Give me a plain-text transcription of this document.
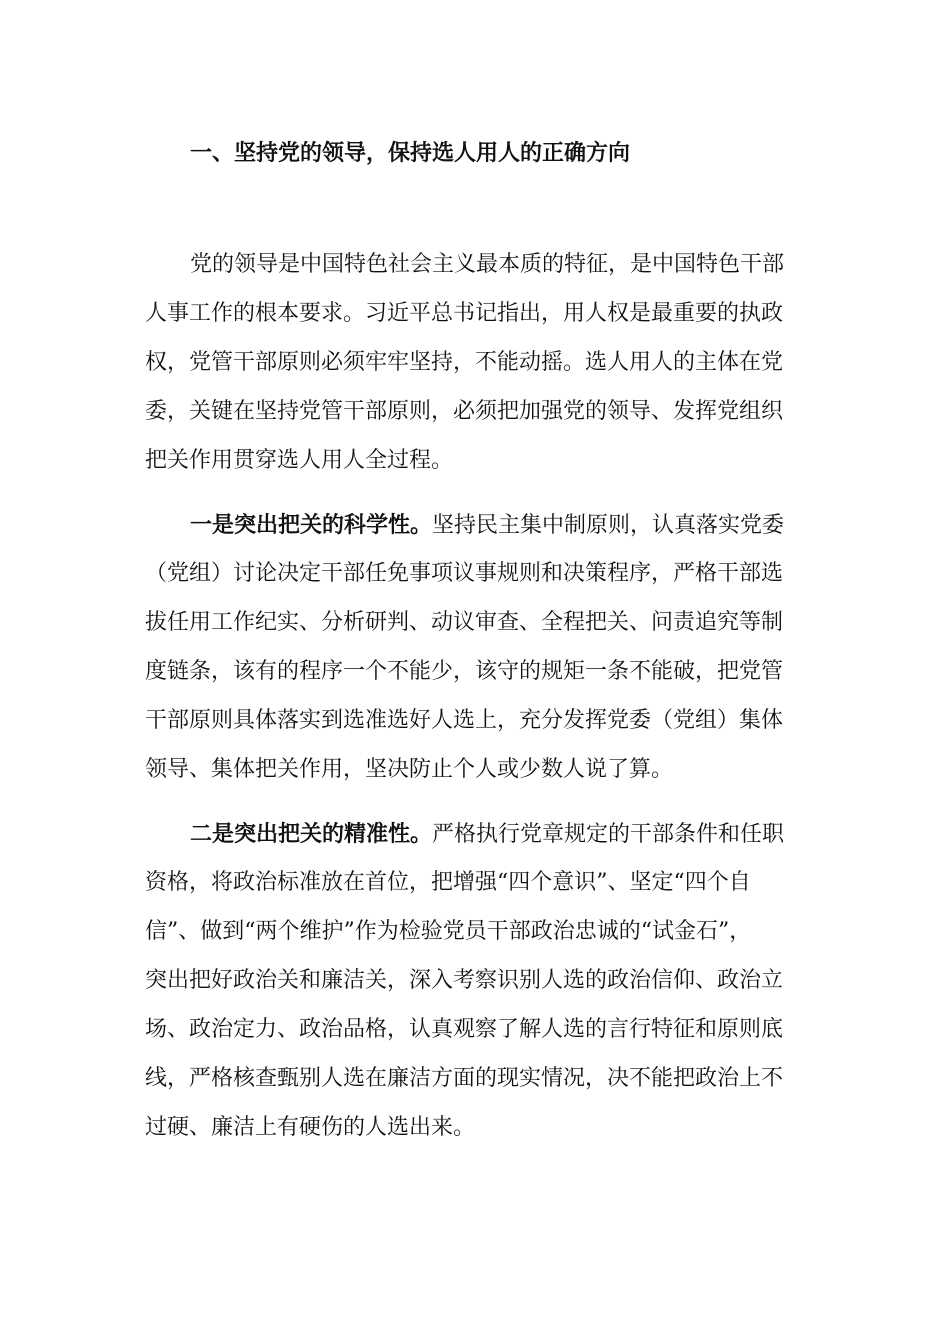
一、坚持党的领导，保持选人用人的正确方向

党的领导是中国特色社会主义最本质的特征，是中国特色干部

人事工作的根本要求。习近平总书记指出，用人权是最重要的执政

权，党管干部原则必须牢牢坚持，不能动摇。选人用人的主体在党

委，关键在坚持党管干部原则，必须把加强党的领导、发挥党组织

把关作用贯穿选人用人全过程。

一是突出把关的科学性。坚持民主集中制原则，认真落实党委

（党组）讨论决定干部任免事项议事规则和决策程序，严格干部选

拔任用工作纪实、分析研判、动议审查、全程把关、问责追究等制

度链条，该有的程序一个不能少，该守的规矩一条不能破，把党管

干部原则具体落实到选准选好人选上，充分发挥党委（党组）集体

领导、集体把关作用，坚决防止个人或少数人说了算。

二是突出把关的精准性。严格执行党章规定的干部条件和任职

资格，将政治标准放在首位，把增强“四个意识”、坚定“四个自

信”、做到“两个维护”作为检验党员干部政治忠诚的“试金石”，

突出把好政治关和廉洁关，深入考察识别人选的政治信仰、政治立

场、政治定力、政治品格，认真观察了解人选的言行特征和原则底

线，严格核查甄别人选在廉洁方面的现实情况，决不能把政治上不

过硬、廉洁上有硬伤的人选出来。
